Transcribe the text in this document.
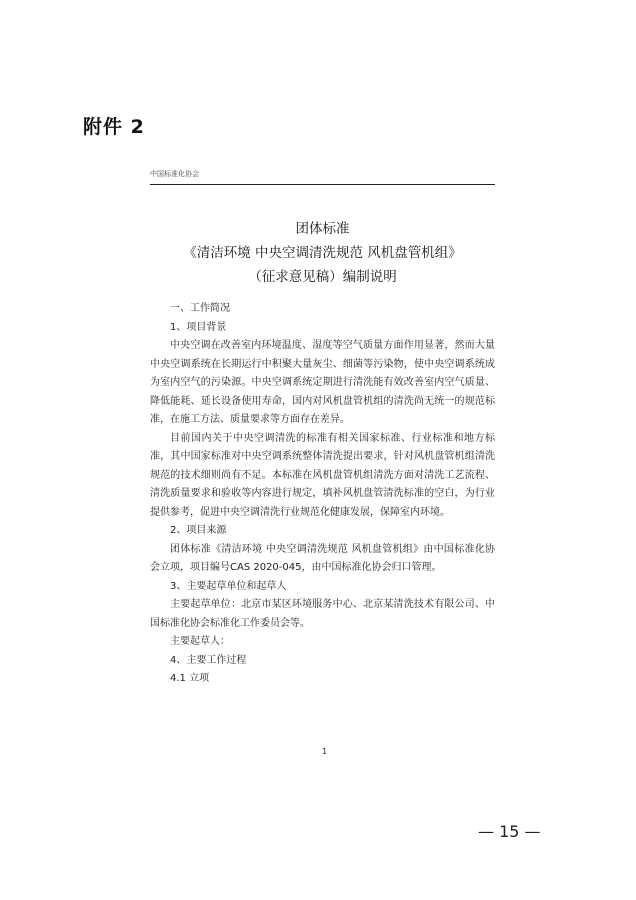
附件 2
中国标准化协会
团体标准
《清洁环境 中央空调清洗规范 风机盘管机组》
（征求意见稿）编制说明

一、工作简况

1、项目背景

中央空调在改善室内环境温度、湿度等空气质量方面作用显著，然而大量中央空调系统在长期运行中积聚大量灰尘、细菌等污染物，使中央空调系统成为室内空气的污染源。中央空调系统定期进行清洗能有效改善室内空气质量、降低能耗、延长设备使用寿命，国内对风机盘管机组的清洗尚无统一的规范标准，在施工方法、质量要求等方面存在差异。

目前国内关于中央空调清洗的标准有相关国家标准、行业标准和地方标准，其中国家标准对中央空调系统整体清洗提出要求，针对风机盘管机组清洗规范的技术细则尚有不足。本标准在风机盘管机组清洗方面对清洗工艺流程、清洗质量要求和验收等内容进行规定，填补风机盘管清洗标准的空白，为行业提供参考，促进中央空调清洗行业规范化健康发展，保障室内环境。

2、项目来源

团体标准《清洁环境 中央空调清洗规范 风机盘管机组》由中国标准化协会立项，项目编号CAS 2020-045，由中国标准化协会归口管理。

3、主要起草单位和起草人

主要起草单位：北京市某区环境服务中心、北京某清洗技术有限公司、中国标准化协会标准化工作委员会等。

主要起草人：

4、主要工作过程

4.1 立项

1
— 15 —
